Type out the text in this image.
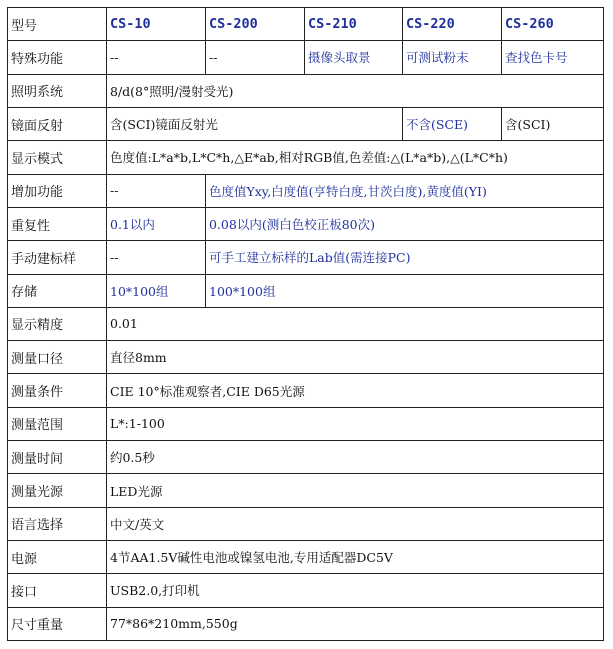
型号	CS-10	CS-200	CS-210	CS-220	CS-260
特殊功能	--	--	摄像头取景	可测试粉末	查找色卡号
照明系统	8/d(8°照明/漫射受光)				
镜面反射	含(SCI)镜面反射光			不含(SCE)	含(SCI)
显示模式	色度值:L*a*b,L*C*h,△E*ab,相对RGB值,色差值:△(L*a*b),△(L*C*h)				
增加功能	--	色度值Yxy,白度值(亨特白度,甘茨白度),黄度值(YI)			
重复性	0.1以内	0.08以内(测白色校正板80次)			
手动建标样	--	可手工建立标样的Lab值(需连接PC)			
存储	10*100组	100*100组			
显示精度	0.01				
测量口径	直径8mm				
测量条件	CIE 10°标准观察者,CIE D65光源				
测量范围	L*:1-100				
测量时间	约0.5秒				
测量光源	LED光源				
语言选择	中文/英文				
电源	4节AA1.5V碱性电池或镍氢电池,专用适配器DC5V				
接口	USB2.0,打印机				
尺寸重量	77*86*210mm,550g				
